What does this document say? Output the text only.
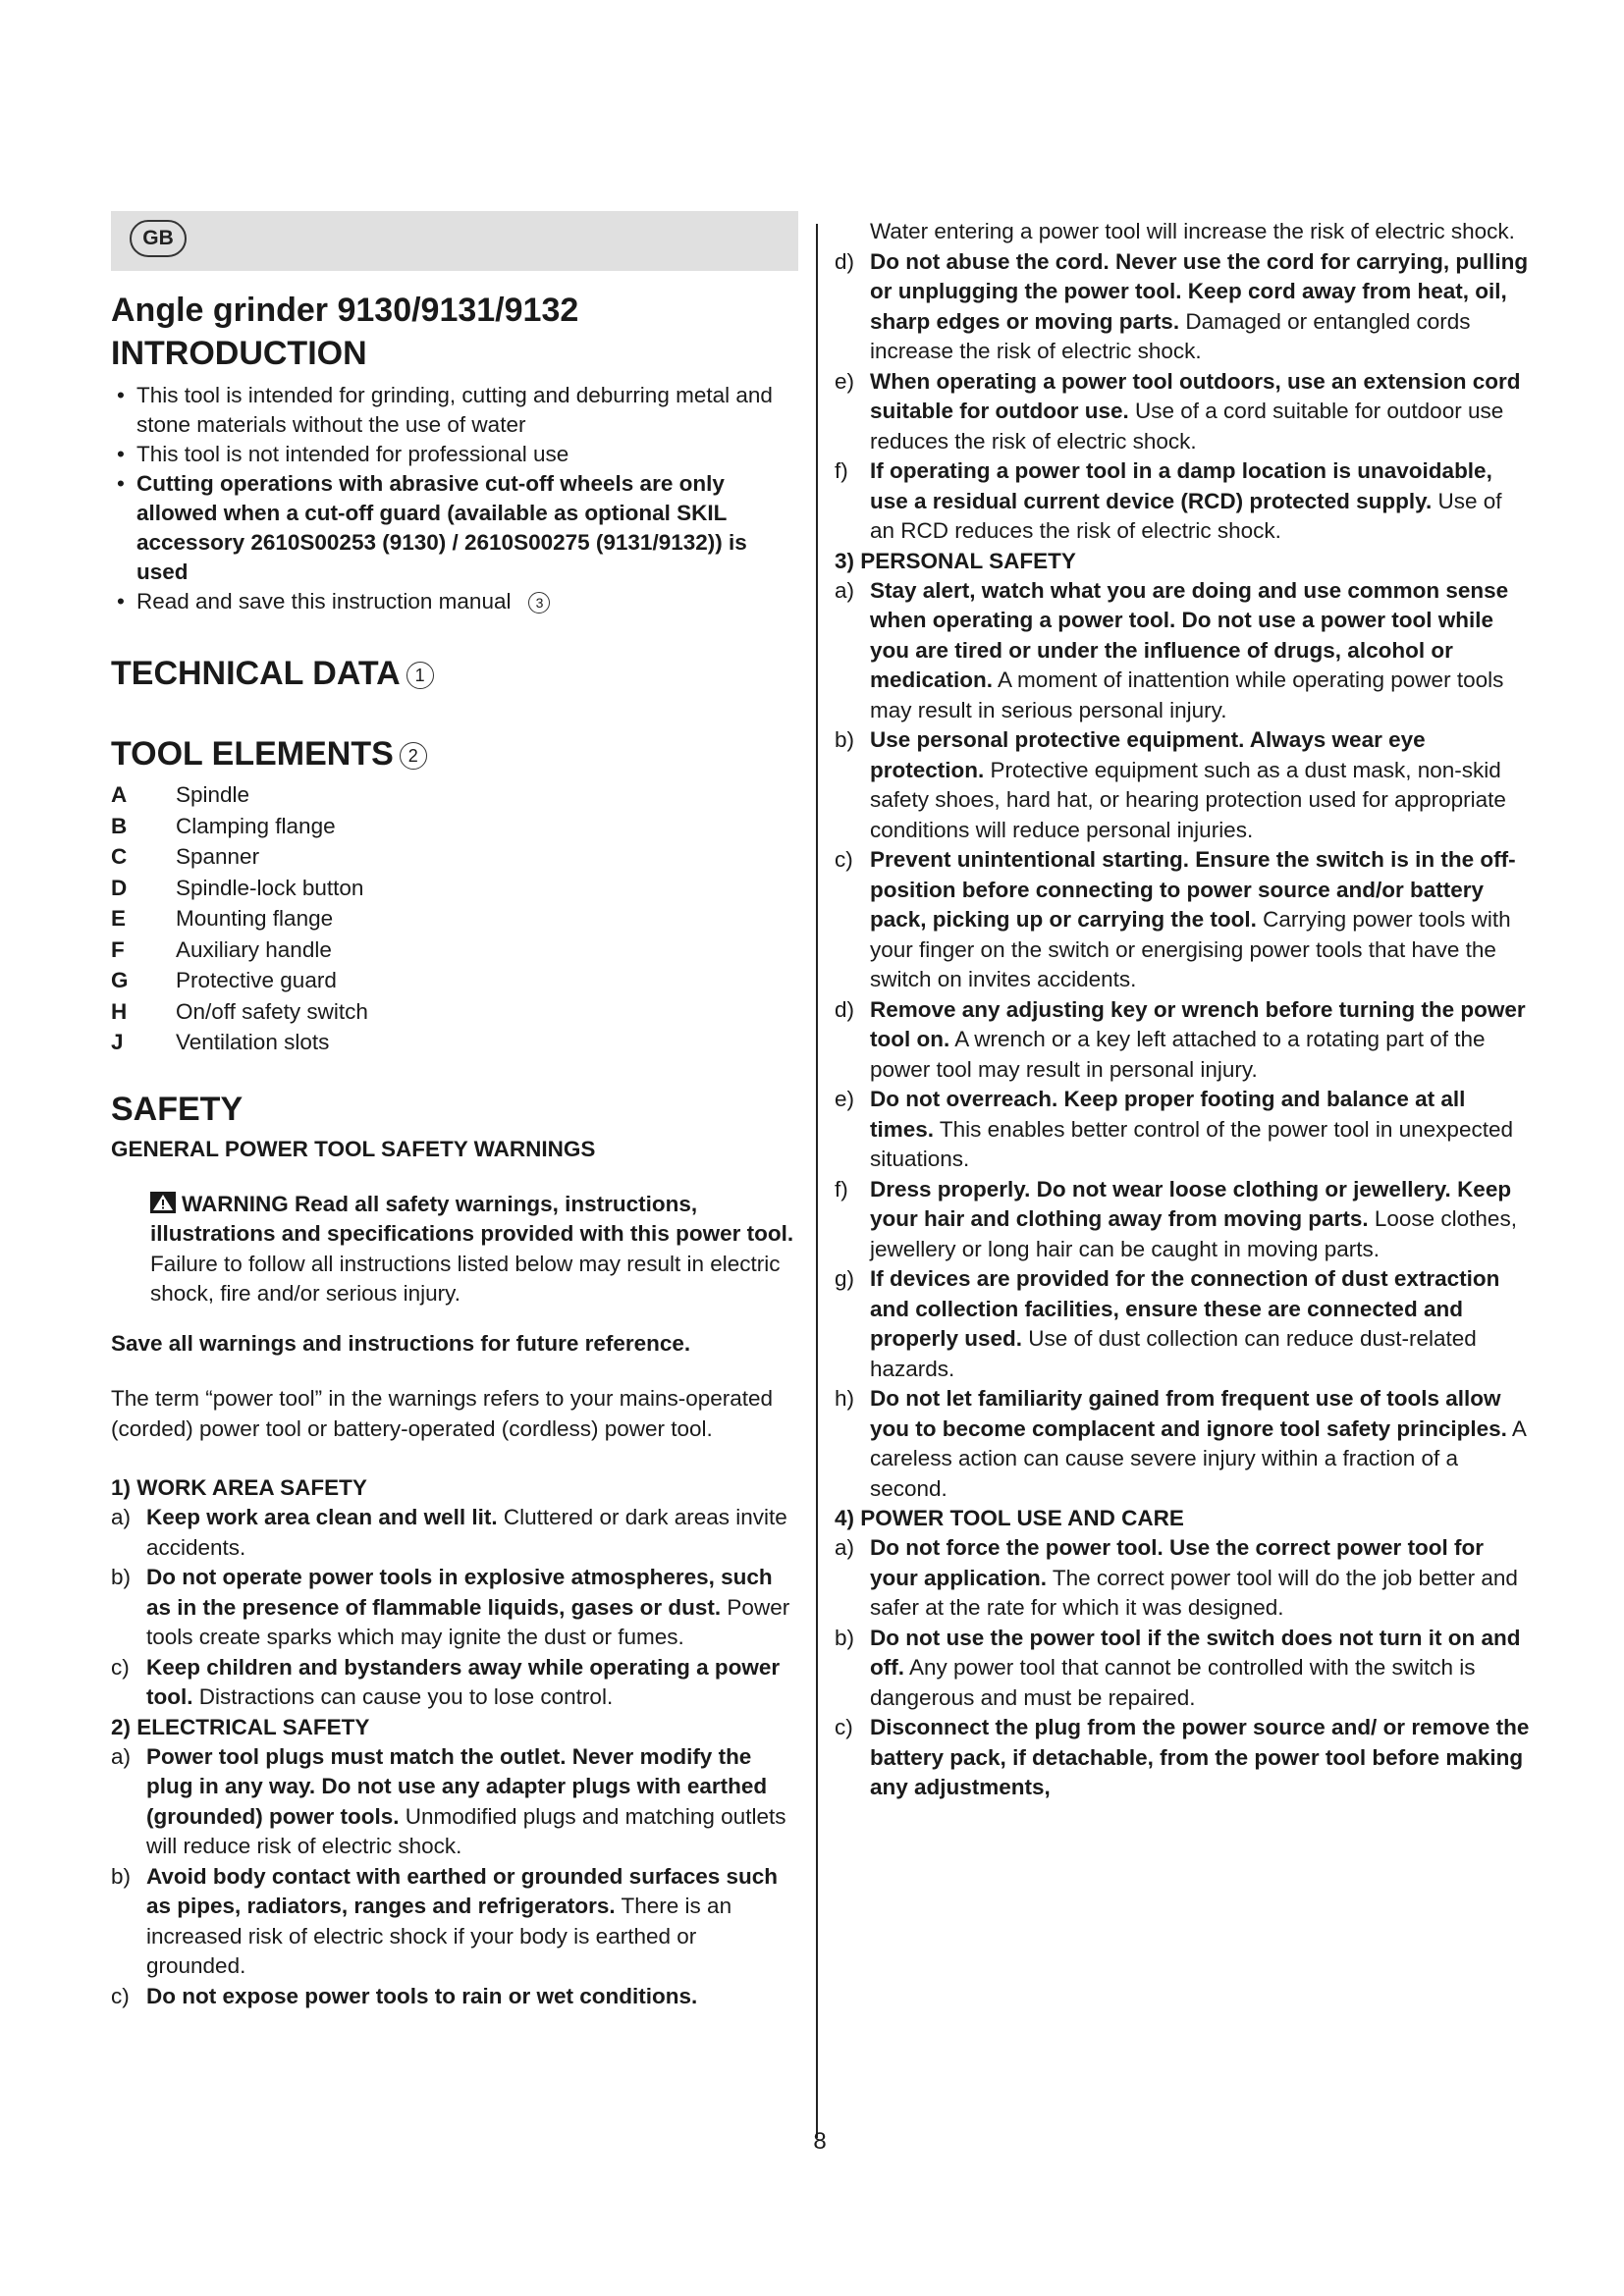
GB
Angle grinder 9130/9131/9132
INTRODUCTION
• This tool is intended for grinding, cutting and deburring metal and stone materials without the use of water
• This tool is not intended for professional use
• Cutting operations with abrasive cut-off wheels are only allowed when a cut-off guard (available as optional SKIL accessory 2610S00253 (9130) / 2610S00275 (9131/9132)) is used
• Read and save this instruction manual 3
TECHNICAL DATA 1
TOOL ELEMENTS 2
A	Spindle
B	Clamping flange
C	Spanner
D	Spindle-lock button
E	Mounting flange
F	Auxiliary handle
G	Protective guard
H	On/off safety switch
J	Ventilation slots
SAFETY
GENERAL POWER TOOL SAFETY WARNINGS

WARNING Read all safety warnings, instructions, illustrations and specifications provided with this power tool. Failure to follow all instructions listed below may result in electric shock, fire and/or serious injury.

Save all warnings and instructions for future reference.

The term “power tool” in the warnings refers to your mains-operated (corded) power tool or battery-operated (cordless) power tool.

1) WORK AREA SAFETY
a) Keep work area clean and well lit. Cluttered or dark areas invite accidents.
b) Do not operate power tools in explosive atmospheres, such as in the presence of flammable liquids, gases or dust. Power tools create sparks which may ignite the dust or fumes.
c) Keep children and bystanders away while operating a power tool. Distractions can cause you to lose control.
2) ELECTRICAL SAFETY
a) Power tool plugs must match the outlet. Never modify the plug in any way. Do not use any adapter plugs with earthed (grounded) power tools. Unmodified plugs and matching outlets will reduce risk of electric shock.
b) Avoid body contact with earthed or grounded surfaces such as pipes, radiators, ranges and refrigerators. There is an increased risk of electric shock if your body is earthed or grounded.
c) Do not expose power tools to rain or wet conditions.

Water entering a power tool will increase the risk of electric shock.

d) Do not abuse the cord. Never use the cord for carrying, pulling or unplugging the power tool. Keep cord away from heat, oil, sharp edges or moving parts. Damaged or entangled cords increase the risk of electric shock.
e) When operating a power tool outdoors, use an extension cord suitable for outdoor use. Use of a cord suitable for outdoor use reduces the risk of electric shock.
f) If operating a power tool in a damp location is unavoidable, use a residual current device (RCD) protected supply. Use of an RCD reduces the risk of electric shock.
3) PERSONAL SAFETY
a) Stay alert, watch what you are doing and use common sense when operating a power tool. Do not use a power tool while you are tired or under the influence of drugs, alcohol or medication. A moment of inattention while operating power tools may result in serious personal injury.
b) Use personal protective equipment. Always wear eye protection. Protective equipment such as a dust mask, non-skid safety shoes, hard hat, or hearing protection used for appropriate conditions will reduce personal injuries.
c) Prevent unintentional starting. Ensure the switch is in the off-position before connecting to power source and/or battery pack, picking up or carrying the tool. Carrying power tools with your finger on the switch or energising power tools that have the switch on invites accidents.
d) Remove any adjusting key or wrench before turning the power tool on. A wrench or a key left attached to a rotating part of the power tool may result in personal injury.
e) Do not overreach. Keep proper footing and balance at all times. This enables better control of the power tool in unexpected situations.
f) Dress properly. Do not wear loose clothing or jewellery. Keep your hair and clothing away from moving parts. Loose clothes, jewellery or long hair can be caught in moving parts.
g) If devices are provided for the connection of dust extraction and collection facilities, ensure these are connected and properly used. Use of dust collection can reduce dust-related hazards.
h) Do not let familiarity gained from frequent use of tools allow you to become complacent and ignore tool safety principles. A careless action can cause severe injury within a fraction of a second.
4) POWER TOOL USE AND CARE
a) Do not force the power tool. Use the correct power tool for your application. The correct power tool will do the job better and safer at the rate for which it was designed.
b) Do not use the power tool if the switch does not turn it on and off. Any power tool that cannot be controlled with the switch is dangerous and must be repaired.
c) Disconnect the plug from the power source and/ or remove the battery pack, if detachable, from the power tool before making any adjustments,
8
